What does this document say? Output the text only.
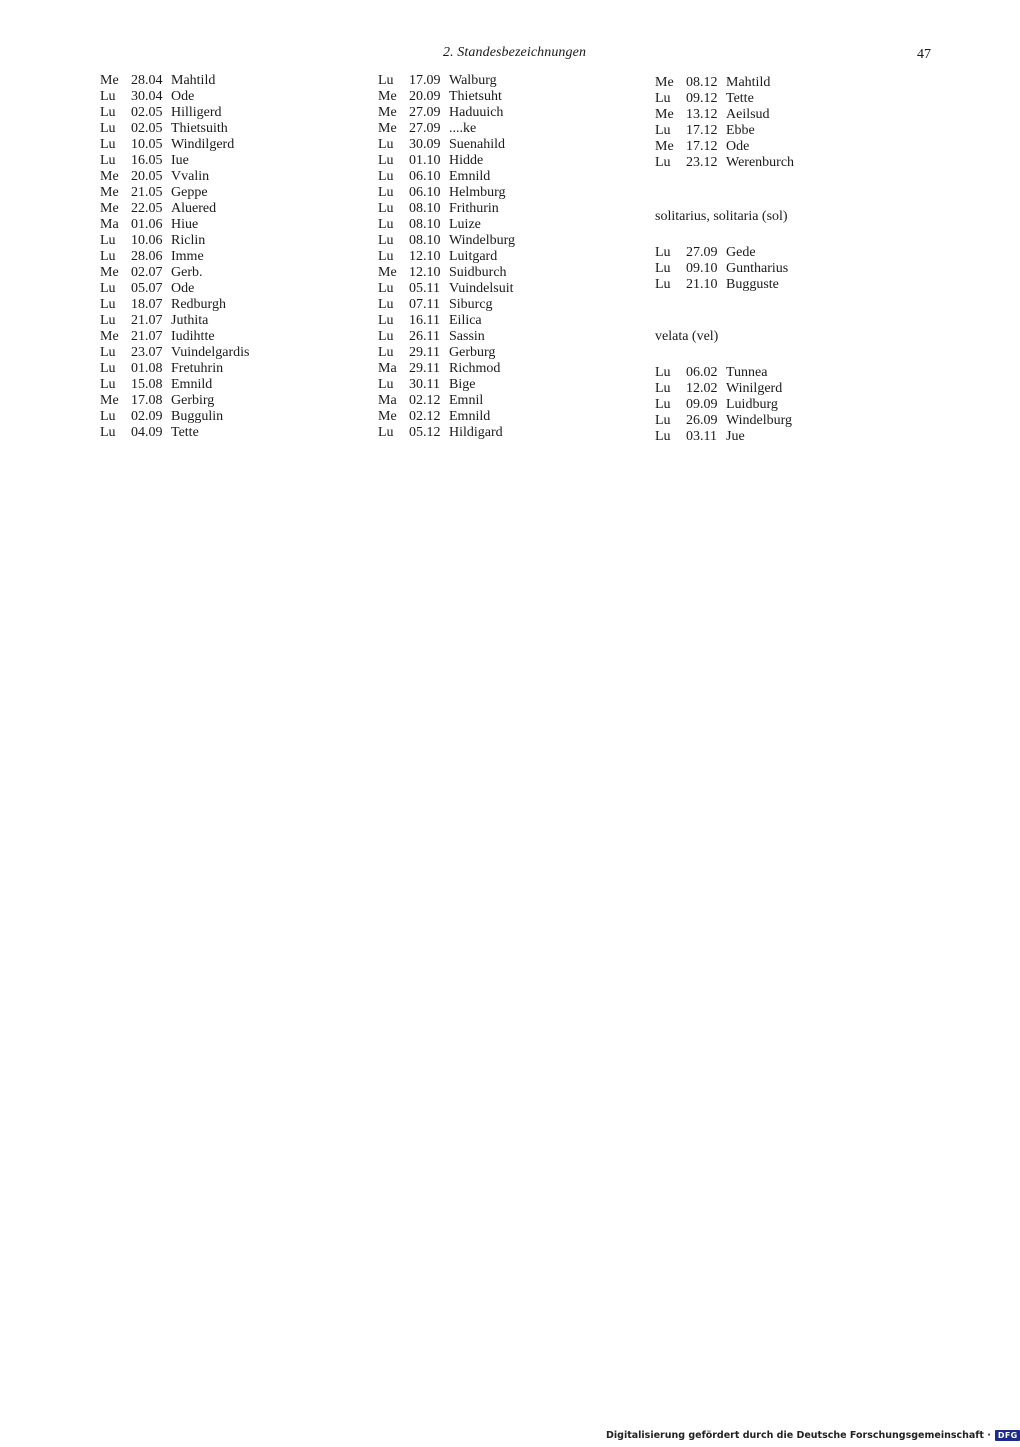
2. Standesbezeichnungen	47
Me 28.04 Mahtild
Lu 30.04 Ode
Lu 02.05 Hilligerd
Lu 02.05 Thietsuith
Lu 10.05 Windilgerd
Lu 16.05 Iue
Me 20.05 Vvalin
Me 21.05 Geppe
Me 22.05 Aluered
Ma 01.06 Hiue
Lu 10.06 Riclin
Lu 28.06 Imme
Me 02.07 Gerb.
Lu 05.07 Ode
Lu 18.07 Redburgh
Lu 21.07 Juthita
Me 21.07 Iudihtte
Lu 23.07 Vuindelgardis
Lu 01.08 Fretuhrin
Lu 15.08 Emnild
Me 17.08 Gerbirg
Lu 02.09 Buggulin
Lu 04.09 Tette
Lu 17.09 Walburg
Me 20.09 Thietsuht
Me 27.09 Haduuich
Me 27.09 ....ke
Lu 30.09 Suenahild
Lu 01.10 Hidde
Lu 06.10 Emnild
Lu 06.10 Helmburg
Lu 08.10 Frithurin
Lu 08.10 Luize
Lu 08.10 Windelburg
Lu 12.10 Luitgard
Me 12.10 Suidburch
Lu 05.11 Vuindelsuit
Lu 07.11 Siburcg
Lu 16.11 Eilica
Lu 26.11 Sassin
Lu 29.11 Gerburg
Ma 29.11 Richmod
Lu 30.11 Bige
Ma 02.12 Emnil
Me 02.12 Emnild
Lu 05.12 Hildigard
Me 08.12 Mahtild
Lu 09.12 Tette
Me 13.12 Aeilsud
Lu 17.12 Ebbe
Me 17.12 Ode
Lu 23.12 Werenburch
solitarius, solitaria (sol)
Lu 27.09 Gede
Lu 09.10 Guntharius
Lu 21.10 Bugguste
velata (vel)
Lu 06.02 Tunnea
Lu 12.02 Winilgerd
Lu 09.09 Luidburg
Lu 26.09 Windelburg
Lu 03.11 Jue
Digitalisierung gefördert durch die Deutsche Forschungsgemeinschaft · DFG
